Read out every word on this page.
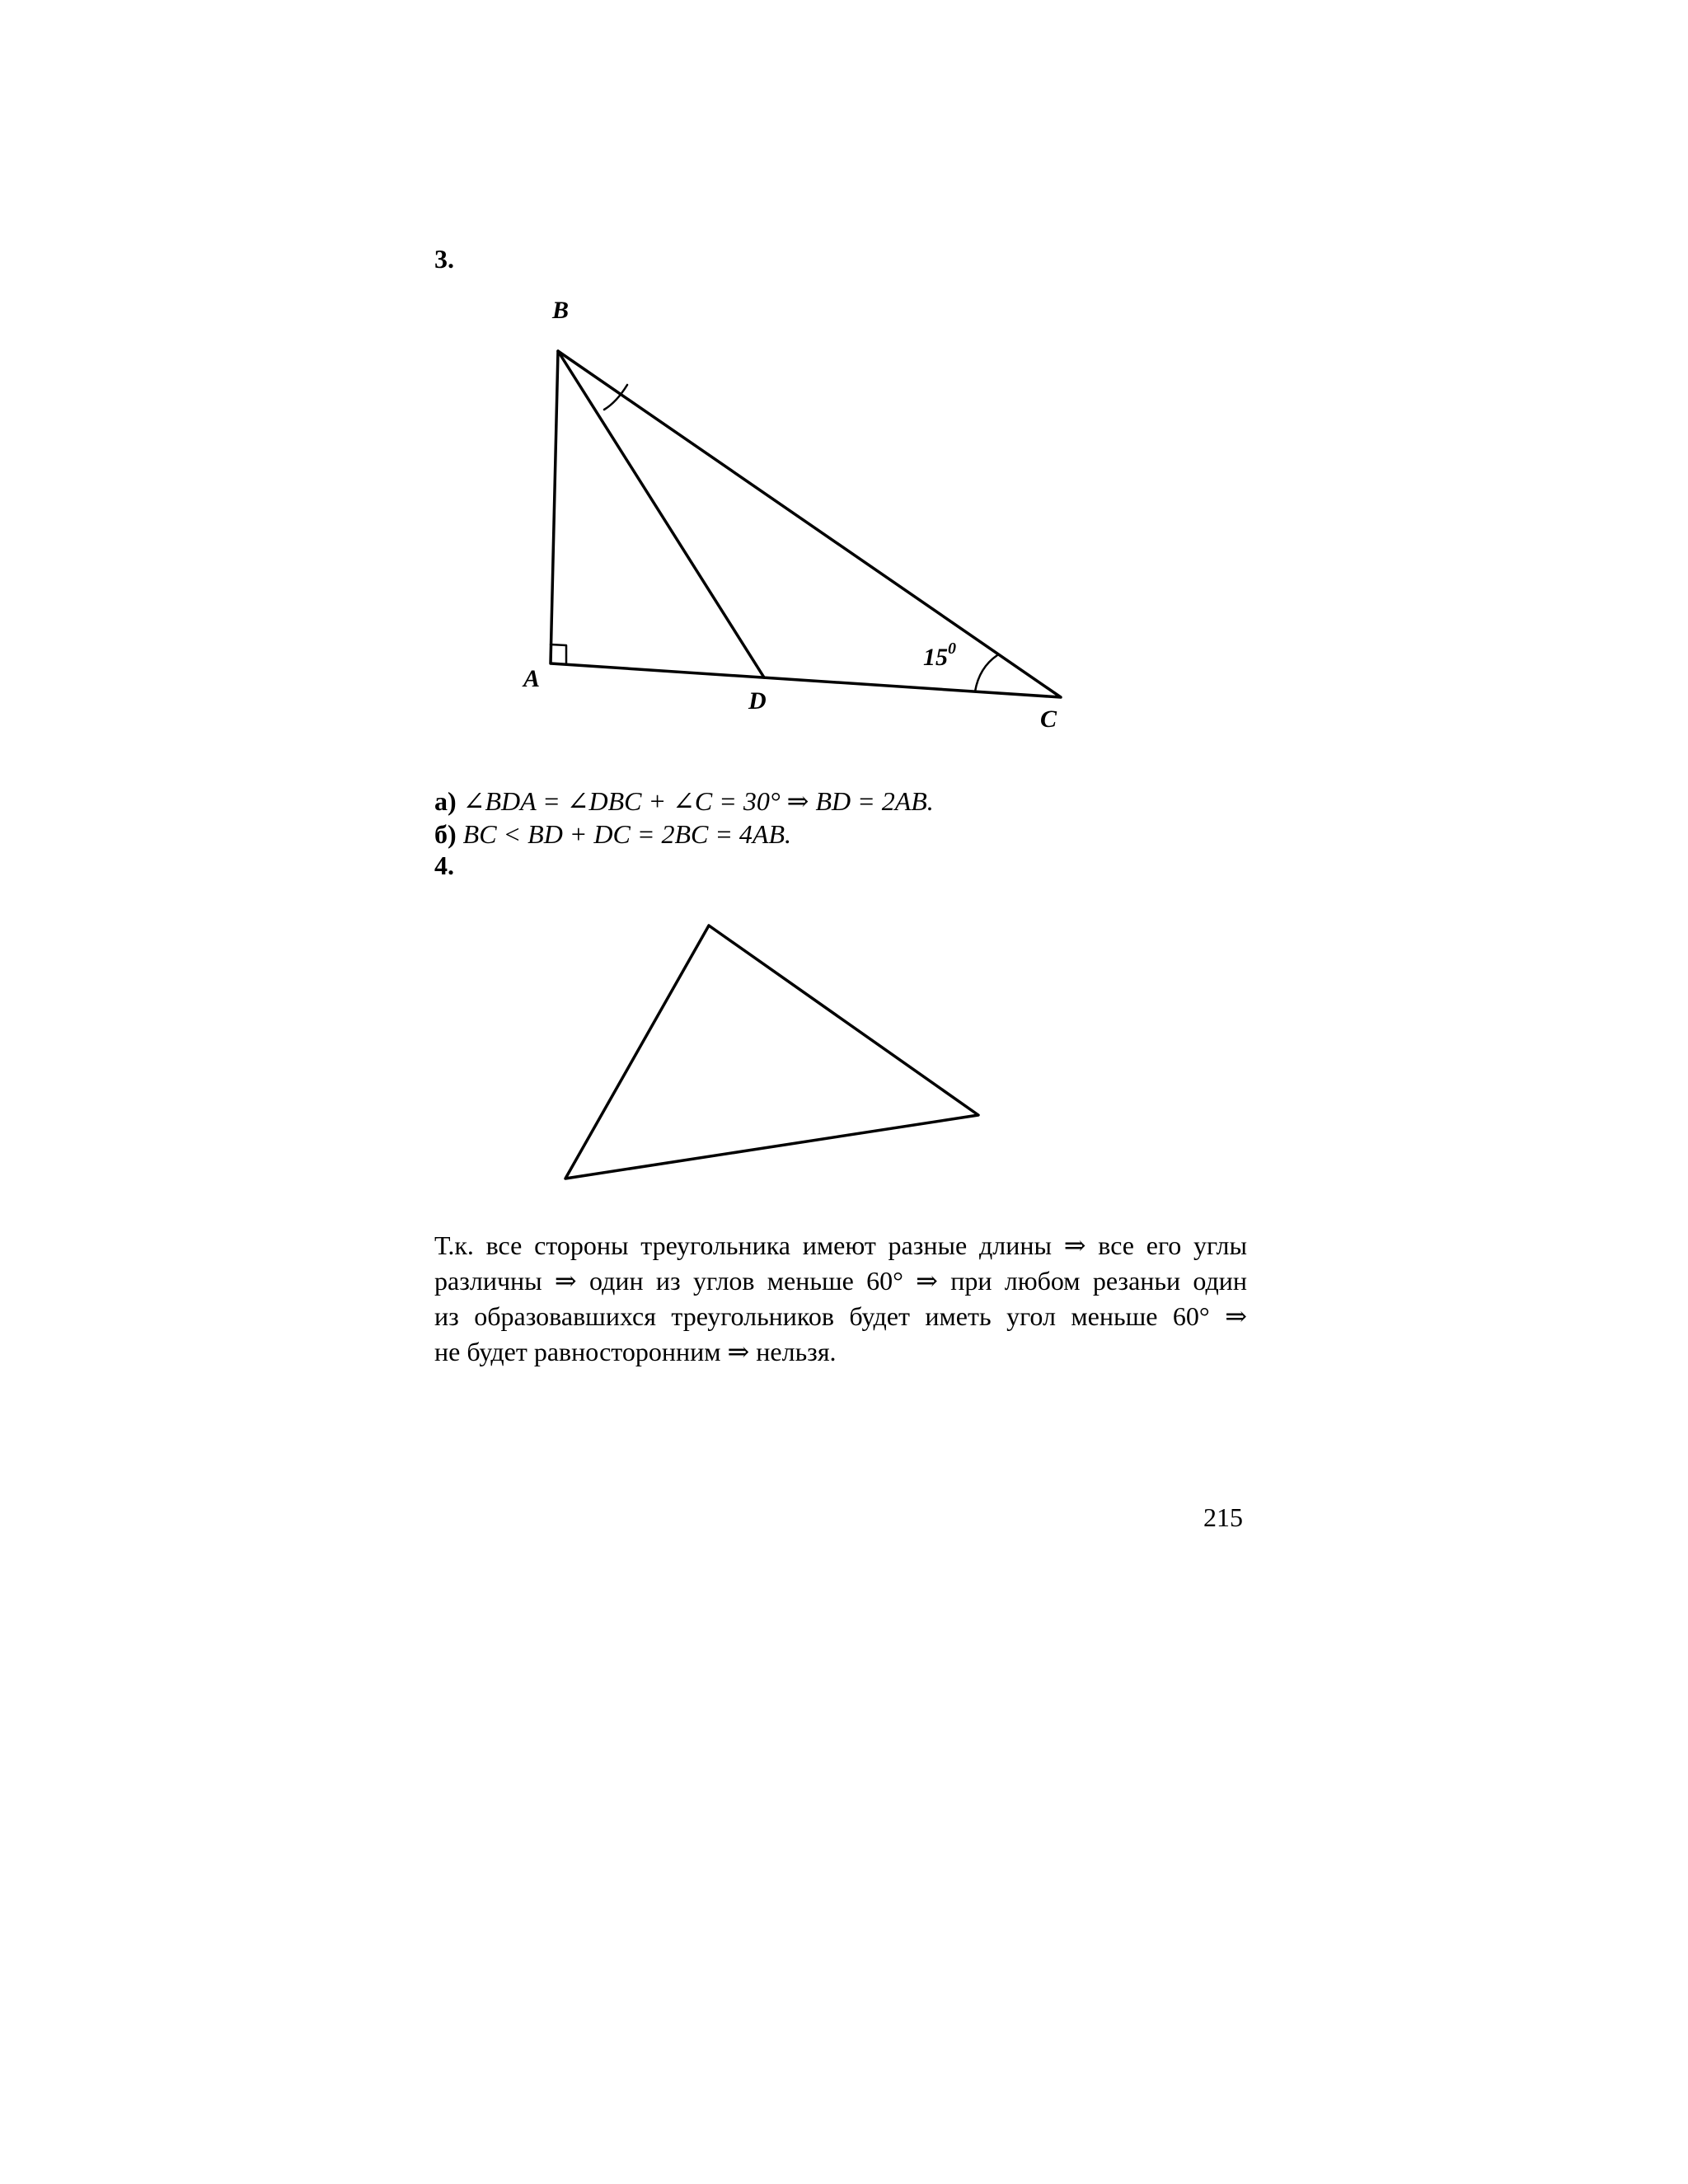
3.
B
A
D
C
$15^0$
а) ∠BDA = ∠DBC + ∠C = 30° ⇒ BD = 2AB.
б) BC < BD + DC = 2BC = 4AB.
4.
Т.к. все стороны треугольника имеют разные длины ⇒ все его углы
различны ⇒ один из углов меньше 60° ⇒ при любом резаньи один
из образовавшихся треугольников будет иметь угол меньше 60° ⇒
не будет равносторонним ⇒ нельзя.
215
